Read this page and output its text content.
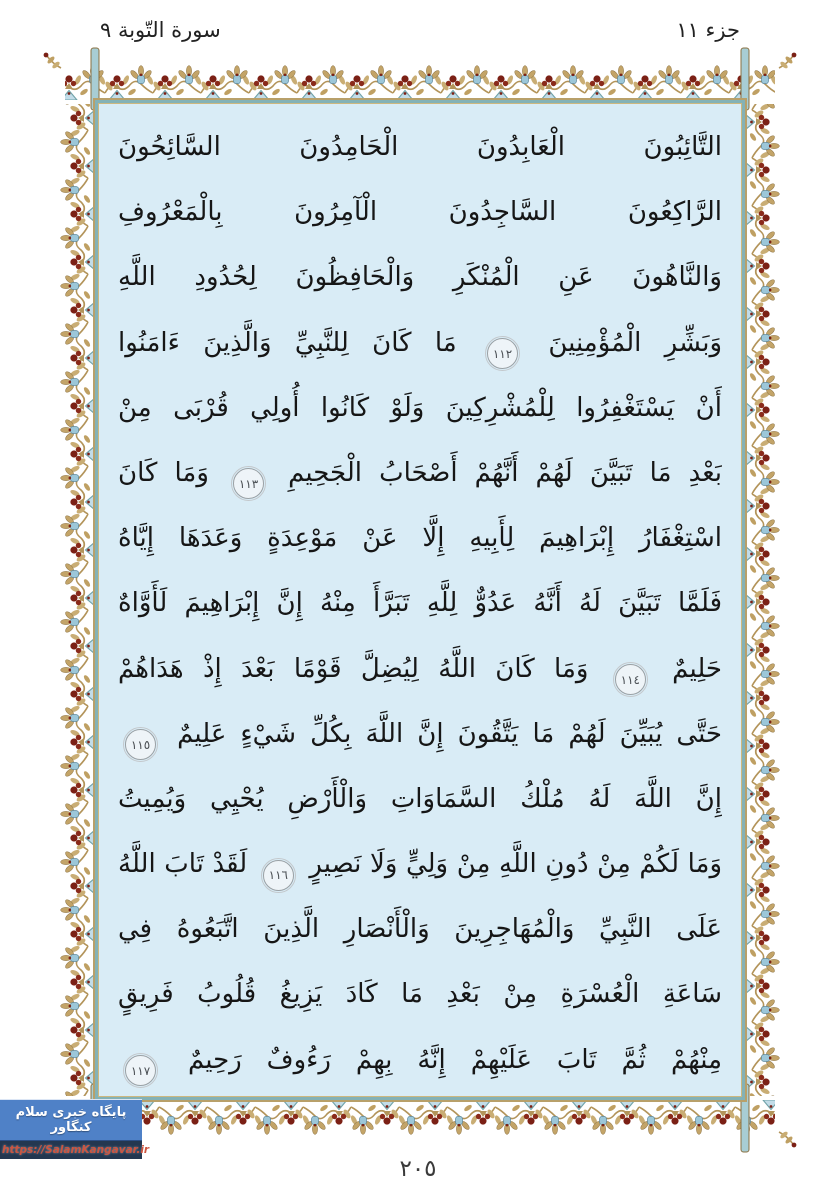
سورة التّوبة ٩	جزء ١١
التَّائِبُونَ الْعَابِدُونَ الْحَامِدُونَ السَّائِحُونَ
الرَّاكِعُونَ السَّاجِدُونَ الْآمِرُونَ بِالْمَعْرُوفِ
وَالنَّاهُونَ عَنِ الْمُنْكَرِ وَالْحَافِظُونَ لِحُدُودِ اللَّهِ
وَبَشِّرِ الْمُؤْمِنِينَ
١١٢
مَا كَانَ لِلنَّبِيِّ وَالَّذِينَ ءَامَنُوا
أَنْ يَسْتَغْفِرُوا لِلْمُشْرِكِينَ وَلَوْ كَانُوا أُولِي قُرْبَى مِنْ
بَعْدِ مَا تَبَيَّنَ لَهُمْ أَنَّهُمْ أَصْحَابُ الْجَحِيمِ
١١٣
وَمَا كَانَ
اسْتِغْفَارُ إِبْرَاهِيمَ لِأَبِيهِ إِلَّا عَنْ مَوْعِدَةٍ وَعَدَهَا إِيَّاهُ
فَلَمَّا تَبَيَّنَ لَهُ أَنَّهُ عَدُوٌّ لِلَّهِ تَبَرَّأَ مِنْهُ إِنَّ إِبْرَاهِيمَ لَأَوَّاهٌ
حَلِيمٌ
١١٤
وَمَا كَانَ اللَّهُ لِيُضِلَّ قَوْمًا بَعْدَ إِذْ هَدَاهُمْ
حَتَّى يُبَيِّنَ لَهُمْ مَا يَتَّقُونَ إِنَّ اللَّهَ بِكُلِّ شَيْءٍ عَلِيمٌ
١١٥
إِنَّ اللَّهَ لَهُ مُلْكُ السَّمَاوَاتِ وَالْأَرْضِ يُحْيِي وَيُمِيتُ
وَمَا لَكُمْ مِنْ دُونِ اللَّهِ مِنْ وَلِيٍّ وَلَا نَصِيرٍ
١١٦
لَقَدْ تَابَ اللَّهُ
عَلَى النَّبِيِّ وَالْمُهَاجِرِينَ وَالْأَنْصَارِ الَّذِينَ اتَّبَعُوهُ فِي
سَاعَةِ الْعُسْرَةِ مِنْ بَعْدِ مَا كَادَ يَزِيغُ قُلُوبُ فَرِيقٍ
مِنْهُمْ ثُمَّ تَابَ عَلَيْهِمْ إِنَّهُ بِهِمْ رَءُوفٌ رَحِيمٌ
١١٧
پایگاه خبری سلام کنگاور
https://SalamKangavar.ir
٢٠٥
